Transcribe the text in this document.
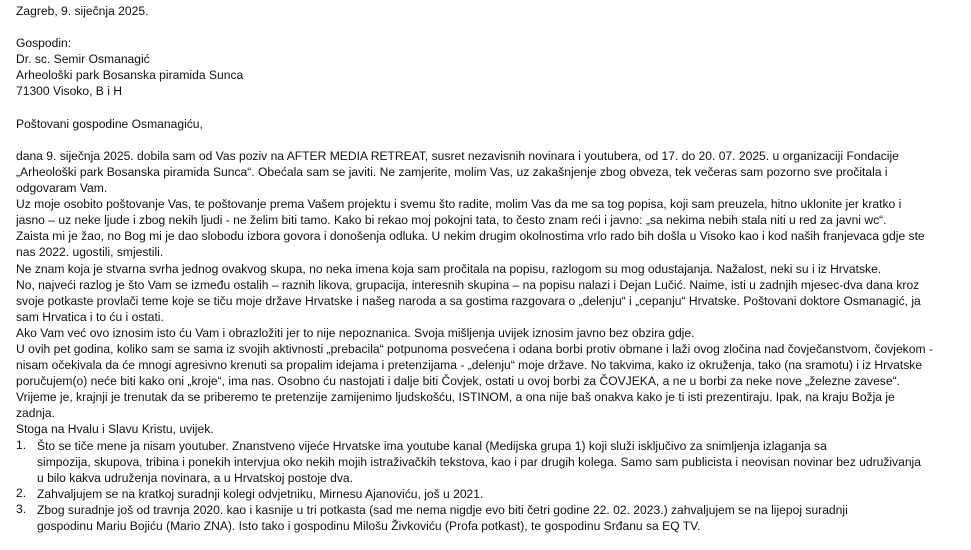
Zagreb, 9. siječnja 2025.
Gospodin:
Dr. sc. Semir Osmanagić
Arheološki park Bosanska piramida Sunca
71300 Visoko, B i H
Poštovani gospodine Osmanagiću,
dana 9. siječnja 2025. dobila sam od Vas poziv na AFTER MEDIA RETREAT, susret nezavisnih novinara i youtubera, od 17. do 20. 07. 2025. u organizaciji Fondacije
„Arheološki park Bosanska piramida Sunca“. Obećala sam se javiti. Ne zamjerite, molim Vas, uz zakašnjenje zbog obveza, tek večeras sam pozorno sve pročitala i
odgovaram Vam.
Uz moje osobito poštovanje Vas, te poštovanje prema Vašem projektu i svemu što radite, molim Vas da me sa tog popisa, koji sam preuzela, hitno uklonite jer kratko i
jasno – uz neke ljude i zbog nekih ljudi - ne želim biti tamo. Kako bi rekao moj pokojni tata, to često znam reći i javno: „sa nekima nebih stala niti u red za javni wc“.
Zaista mi je žao, no Bog mi je dao slobodu izbora govora i donošenja odluka. U nekim drugim okolnostima vrlo rado bih došla u Visoko kao i kod naših franjevaca gdje ste
nas 2022. ugostili, smjestili.
Ne znam koja je stvarna svrha jednog ovakvog skupa, no neka imena koja sam pročitala na popisu, razlogom su mog odustajanja. Nažalost, neki su i iz Hrvatske.
No, najveći razlog je što Vam se između ostalih – raznih likova, grupacija, interesnih skupina – na popisu nalazi i Dejan Lučić. Naime, isti u zadnjih mjesec-dva dana kroz
svoje potkaste provlači teme koje se tiču moje države Hrvatske i našeg naroda a sa gostima razgovara o „delenju“ i „cepanju“ Hrvatske. Poštovani doktore Osmanagić, ja
sam Hrvatica i to ću i ostati.
Ako Vam već ovo iznosim isto ću Vam i obrazložiti jer to nije nepoznanica. Svoja mišljenja uvijek iznosim javno bez obzira gdje.
U ovih pet godina, koliko sam se sama iz svojih aktivnosti „prebacila“ potpunoma posvećena i odana borbi protiv obmane i laži ovog zločina nad čovječanstvom, čovjekom -
nisam očekivala da će mnogi agresivno krenuti sa propalim idejama i pretenzijama - „delenju“ moje države. No takvima, kako iz okruženja, tako (na sramotu) i iz Hrvatske
poručujem(o) neće biti kako oni „kroje“, ima nas. Osobno ću nastojati i dalje biti Čovjek, ostati u ovoj borbi za ČOVJEKA, a ne u borbi za neke nove „železne zavese“.
Vrijeme je, krajnji je trenutak da se priberemo te pretenzije zamijenimo ljudskošću, ISTINOM, a ona nije baš onakva kako je ti isti prezentiraju. Ipak, na kraju Božja je
zadnja.
Stoga na Hvalu i Slavu Kristu, uvijek.
1. Što se tiče mene ja nisam youtuber. Znanstveno vijeće Hrvatske ima youtube kanal (Medijska grupa 1) koji služi isključivo za snimljenja izlaganja sa
simpozija, skupova, tribina i ponekih intervjua oko nekih mojih istraživačkih tekstova, kao i par drugih kolega. Samo sam publicista i neovisan novinar bez udruživanja
u bilo kakva udruženja novinara, a u Hrvatskoj postoje dva.
2. Zahvaljujem se na kratkoj suradnji kolegi odvjetniku, Mirnesu Ajanoviću, još u 2021.
3. Zbog suradnje još od travnja 2020. kao i kasnije u tri potkasta (sad me nema nigdje evo biti četri godine 22. 02. 2023.) zahvaljujem se na lijepoj suradnji
gospodinu Mariu Bojiću (Mario ZNA). Isto tako i gospodinu Milošu Živkoviću (Profa potkast), te gospodinu Srđanu sa EQ TV.
